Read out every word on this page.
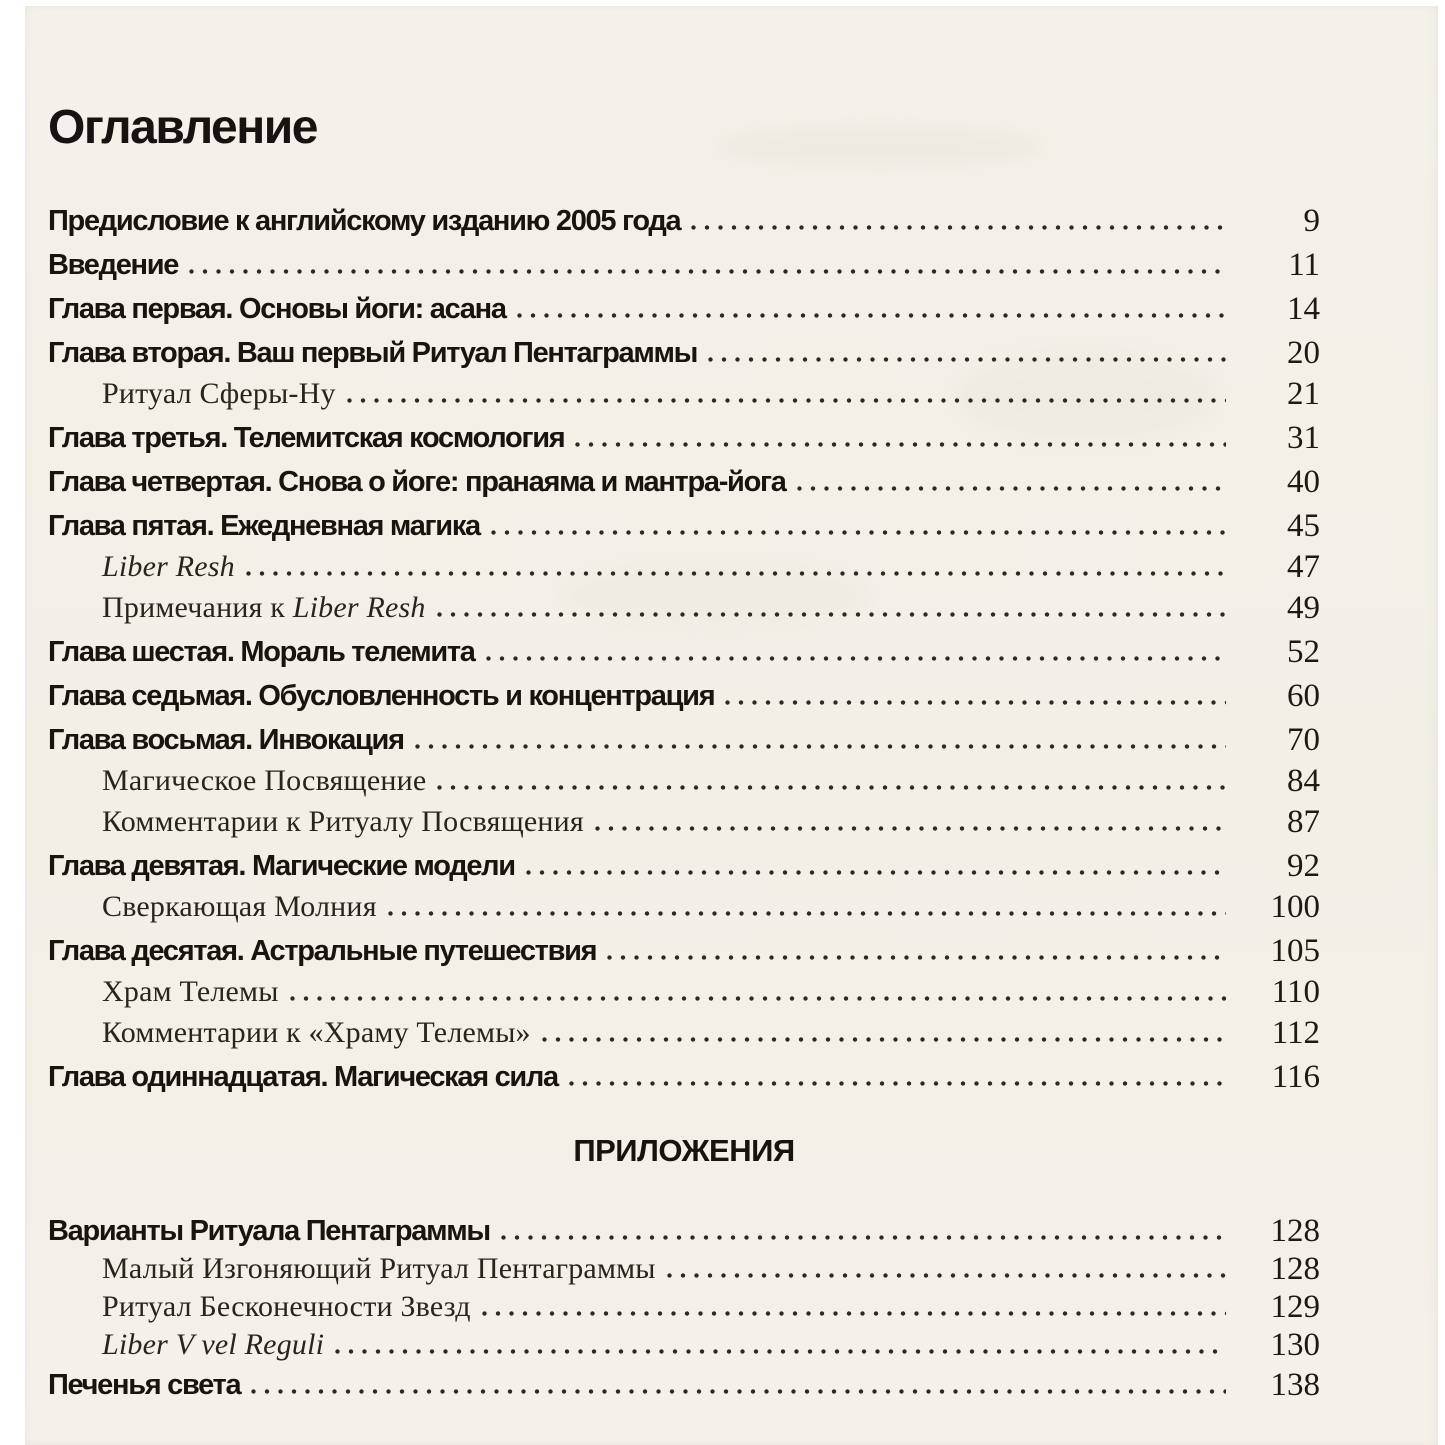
Оглавление
Предисловие к английскому изданию 2005 года	9
Введение	11
Глава первая. Основы йоги: асана	14
Глава вторая. Ваш первый Ритуал Пентаграммы	20
Ритуал Сферы-Ну	21
Глава третья. Телемитская космология	31
Глава четвертая. Снова о йоге: пранаяма и мантра-йога	40
Глава пятая. Ежедневная магика	45
Liber Resh	47
Примечания к Liber Resh	49
Глава шестая. Мораль телемита	52
Глава седьмая. Обусловленность и концентрация	60
Глава восьмая. Инвокация	70
Магическое Посвящение	84
Комментарии к Ритуалу Посвящения	87
Глава девятая. Магические модели	92
Сверкающая Молния	100
Глава десятая. Астральные путешествия	105
Храм Телемы	110
Комментарии к «Храму Телемы»	112
Глава одиннадцатая. Магическая сила	116
ПРИЛОЖЕНИЯ
Варианты Ритуала Пентаграммы	128
Малый Изгоняющий Ритуал Пентаграммы	128
Ритуал Бесконечности Звезд	129
Liber V vel Reguli	130
Печенья света	138
